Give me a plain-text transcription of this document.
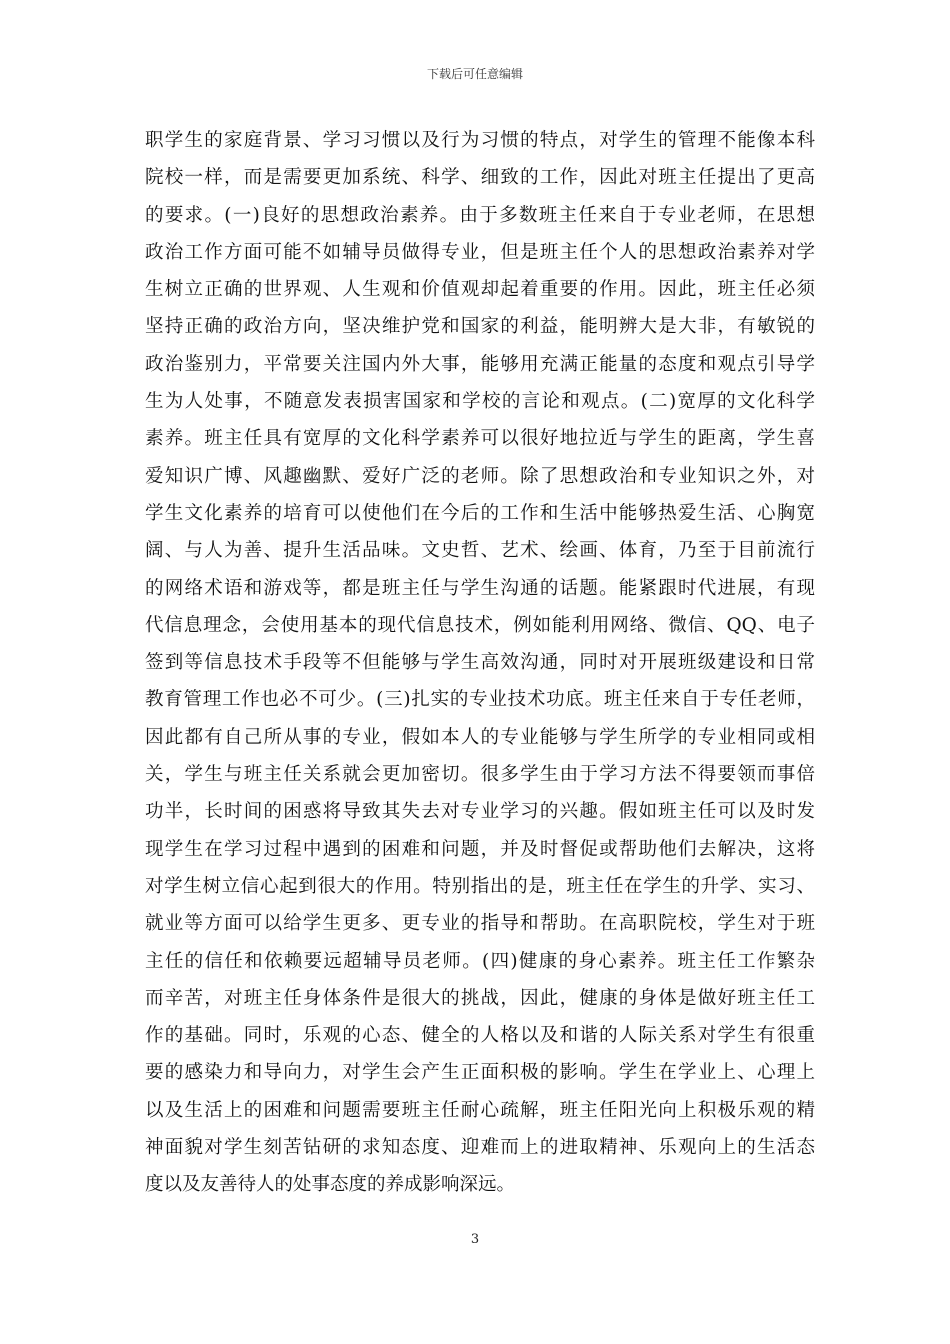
下载后可任意编辑
职学生的家庭背景、学习习惯以及行为习惯的特点，对学生的管理不能像本科
院校一样，而是需要更加系统、科学、细致的工作，因此对班主任提出了更高
的要求。(一)良好的思想政治素养。由于多数班主任来自于专业老师，在思想
政治工作方面可能不如辅导员做得专业，但是班主任个人的思想政治素养对学
生树立正确的世界观、人生观和价值观却起着重要的作用。因此，班主任必须
坚持正确的政治方向，坚决维护党和国家的利益，能明辨大是大非，有敏锐的
政治鉴别力，平常要关注国内外大事，能够用充满正能量的态度和观点引导学
生为人处事，不随意发表损害国家和学校的言论和观点。(二)宽厚的文化科学
素养。班主任具有宽厚的文化科学素养可以很好地拉近与学生的距离，学生喜
爱知识广博、风趣幽默、爱好广泛的老师。除了思想政治和专业知识之外，对
学生文化素养的培育可以使他们在今后的工作和生活中能够热爱生活、心胸宽
阔、与人为善、提升生活品味。文史哲、艺术、绘画、体育，乃至于目前流行
的网络术语和游戏等，都是班主任与学生沟通的话题。能紧跟时代进展，有现
代信息理念，会使用基本的现代信息技术，例如能利用网络、微信、QQ、电子
签到等信息技术手段等不但能够与学生高效沟通，同时对开展班级建设和日常
教育管理工作也必不可少。(三)扎实的专业技术功底。班主任来自于专任老师，
因此都有自己所从事的专业，假如本人的专业能够与学生所学的专业相同或相
关，学生与班主任关系就会更加密切。很多学生由于学习方法不得要领而事倍
功半，长时间的困惑将导致其失去对专业学习的兴趣。假如班主任可以及时发
现学生在学习过程中遇到的困难和问题，并及时督促或帮助他们去解决，这将
对学生树立信心起到很大的作用。特别指出的是，班主任在学生的升学、实习、
就业等方面可以给学生更多、更专业的指导和帮助。在高职院校，学生对于班
主任的信任和依赖要远超辅导员老师。(四)健康的身心素养。班主任工作繁杂
而辛苦，对班主任身体条件是很大的挑战，因此，健康的身体是做好班主任工
作的基础。同时，乐观的心态、健全的人格以及和谐的人际关系对学生有很重
要的感染力和导向力，对学生会产生正面积极的影响。学生在学业上、心理上
以及生活上的困难和问题需要班主任耐心疏解，班主任阳光向上积极乐观的精
神面貌对学生刻苦钻研的求知态度、迎难而上的进取精神、乐观向上的生活态
度以及友善待人的处事态度的养成影响深远。
3
